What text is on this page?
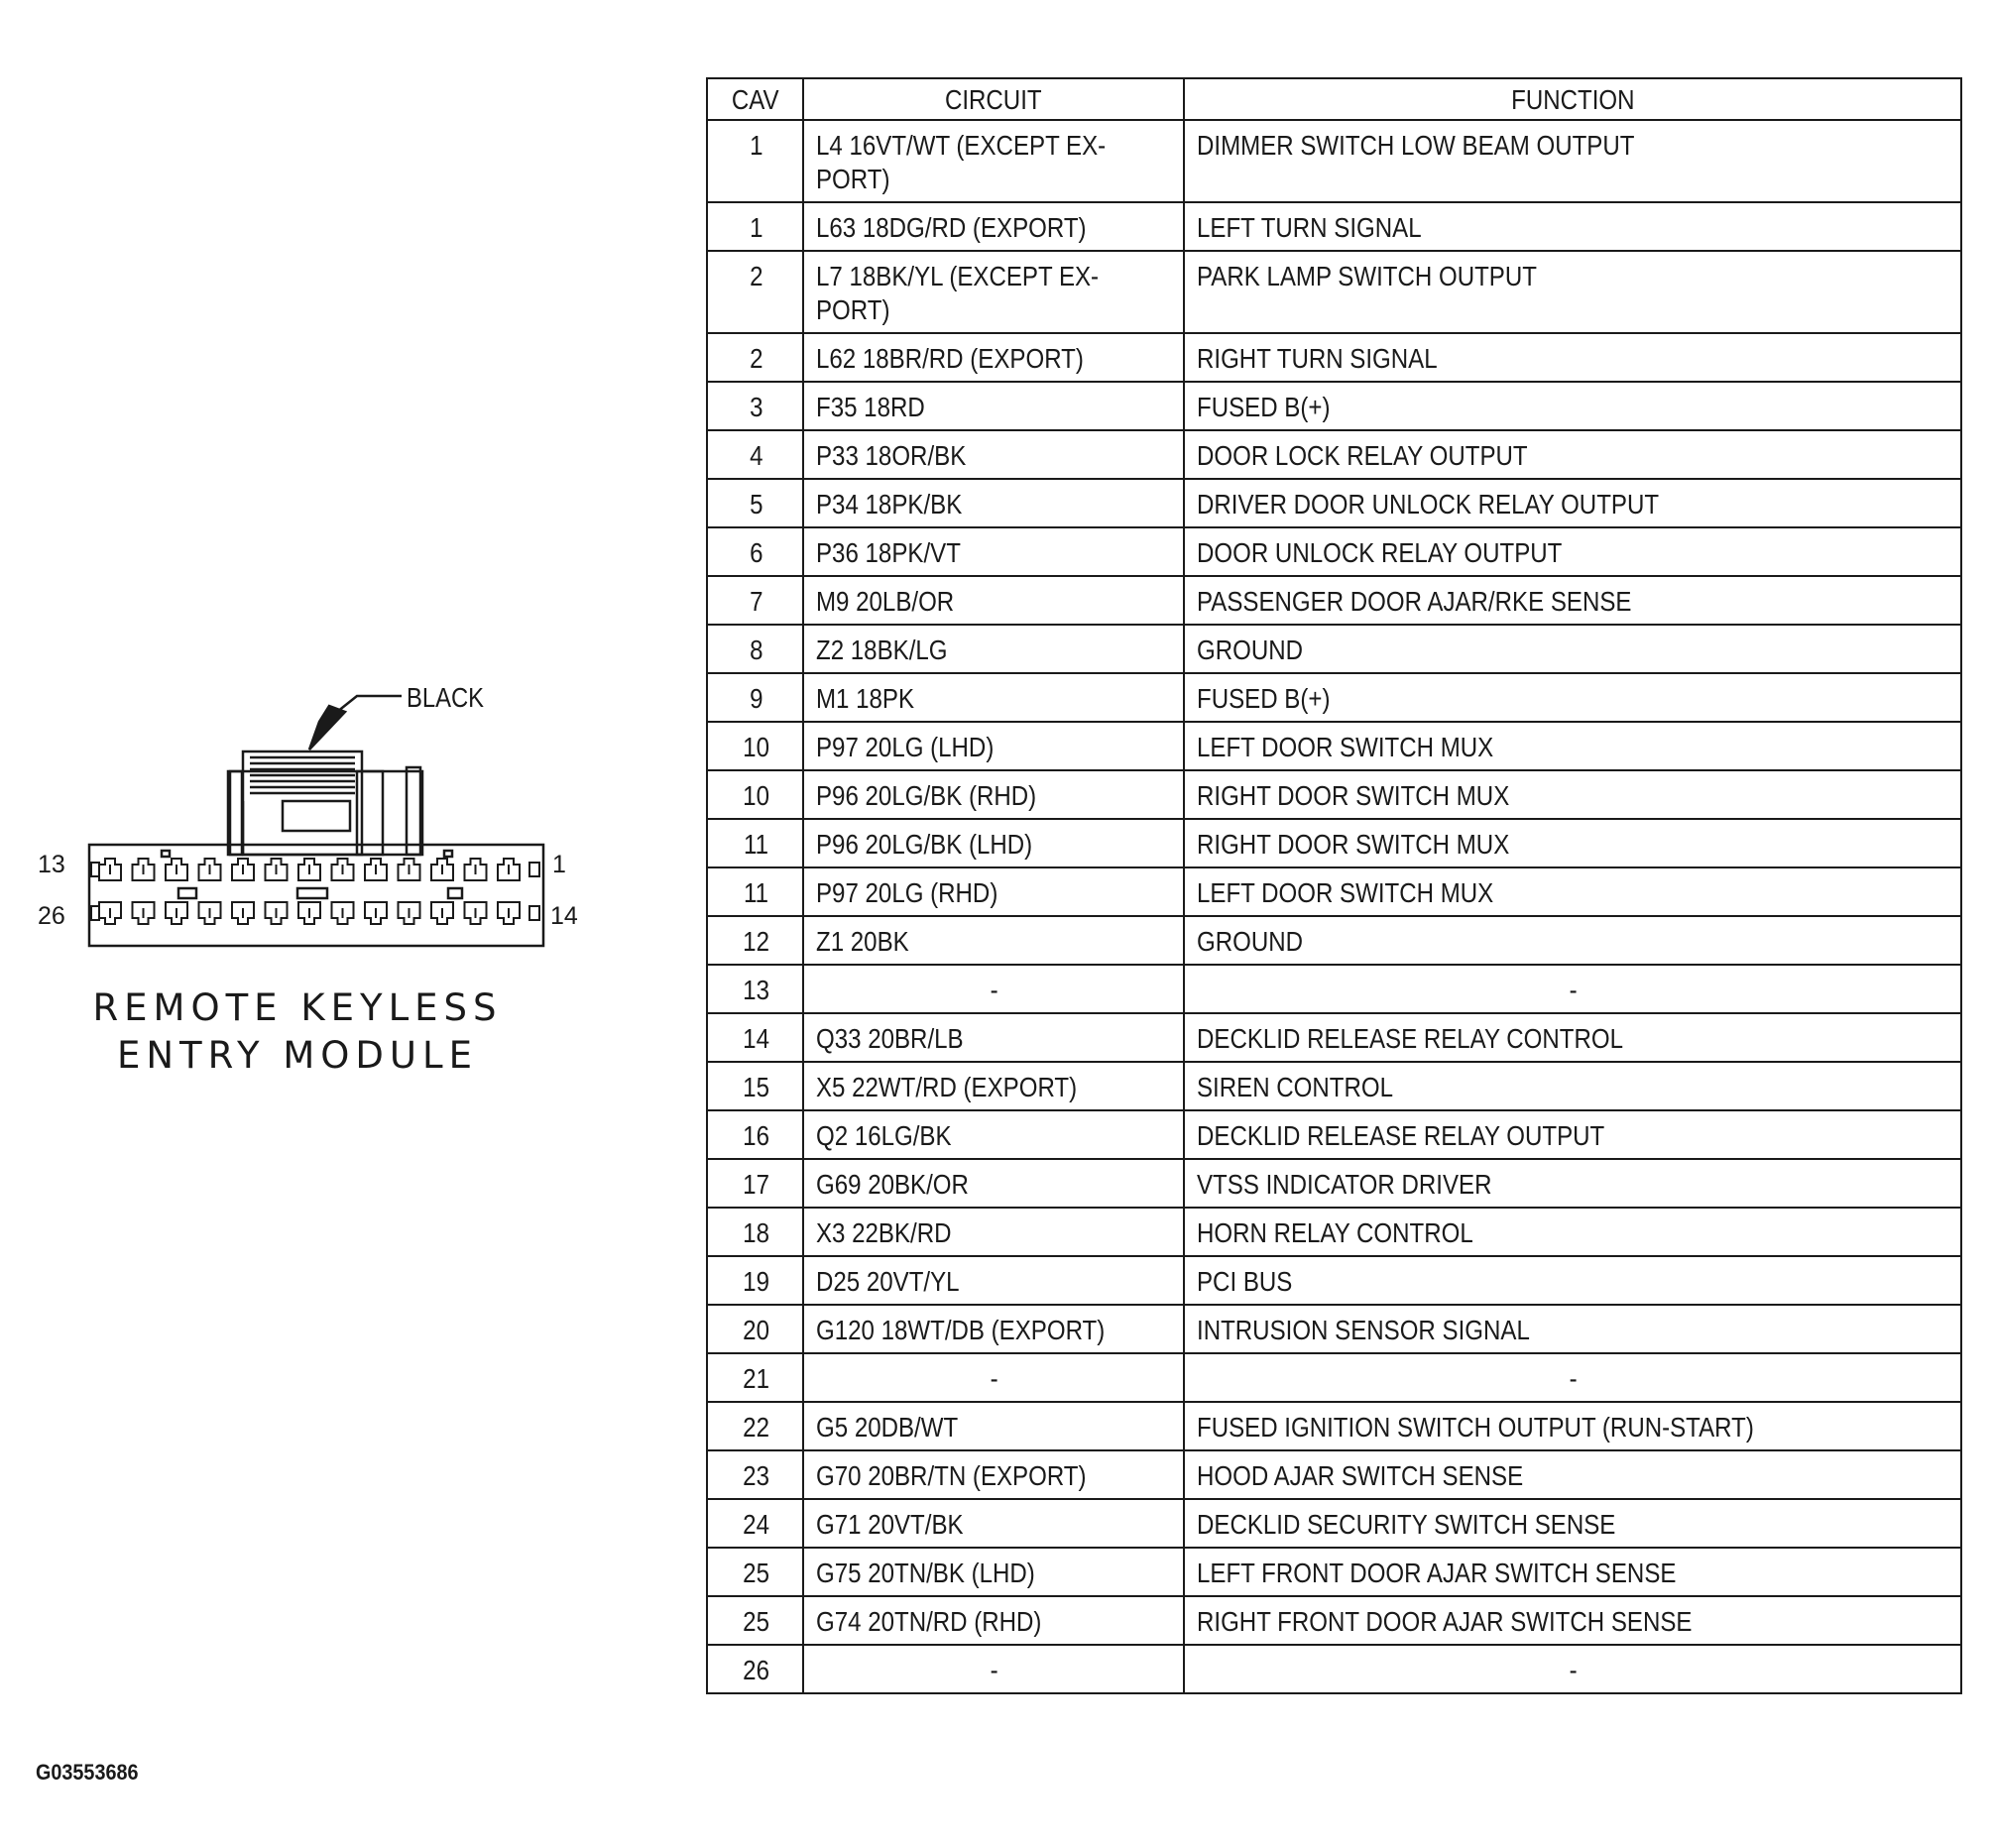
BLACK
13	1
26	14
REMOTE KEYLESS
ENTRY MODULE
G03553686
CAV	CIRCUIT	FUNCTION
1	L4 16VT/WT (EXCEPT EX-PORT)	DIMMER SWITCH LOW BEAM OUTPUT
1	L63 18DG/RD (EXPORT)	LEFT TURN SIGNAL
2	L7 18BK/YL (EXCEPT EX-PORT)	PARK LAMP SWITCH OUTPUT
2	L62 18BR/RD (EXPORT)	RIGHT TURN SIGNAL
3	F35 18RD	FUSED B(+)
4	P33 18OR/BK	DOOR LOCK RELAY OUTPUT
5	P34 18PK/BK	DRIVER DOOR UNLOCK RELAY OUTPUT
6	P36 18PK/VT	DOOR UNLOCK RELAY OUTPUT
7	M9 20LB/OR	PASSENGER DOOR AJAR/RKE SENSE
8	Z2 18BK/LG	GROUND
9	M1 18PK	FUSED B(+)
10	P97 20LG (LHD)	LEFT DOOR SWITCH MUX
10	P96 20LG/BK (RHD)	RIGHT DOOR SWITCH MUX
11	P96 20LG/BK (LHD)	RIGHT DOOR SWITCH MUX
11	P97 20LG (RHD)	LEFT DOOR SWITCH MUX
12	Z1 20BK	GROUND
13	-	-
14	Q33 20BR/LB	DECKLID RELEASE RELAY CONTROL
15	X5 22WT/RD (EXPORT)	SIREN CONTROL
16	Q2 16LG/BK	DECKLID RELEASE RELAY OUTPUT
17	G69 20BK/OR	VTSS INDICATOR DRIVER
18	X3 22BK/RD	HORN RELAY CONTROL
19	D25 20VT/YL	PCI BUS
20	G120 18WT/DB (EXPORT)	INTRUSION SENSOR SIGNAL
21	-	-
22	G5 20DB/WT	FUSED IGNITION SWITCH OUTPUT (RUN-START)
23	G70 20BR/TN (EXPORT)	HOOD AJAR SWITCH SENSE
24	G71 20VT/BK	DECKLID SECURITY SWITCH SENSE
25	G75 20TN/BK (LHD)	LEFT FRONT DOOR AJAR SWITCH SENSE
25	G74 20TN/RD (RHD)	RIGHT FRONT DOOR AJAR SWITCH SENSE
26	-	-
